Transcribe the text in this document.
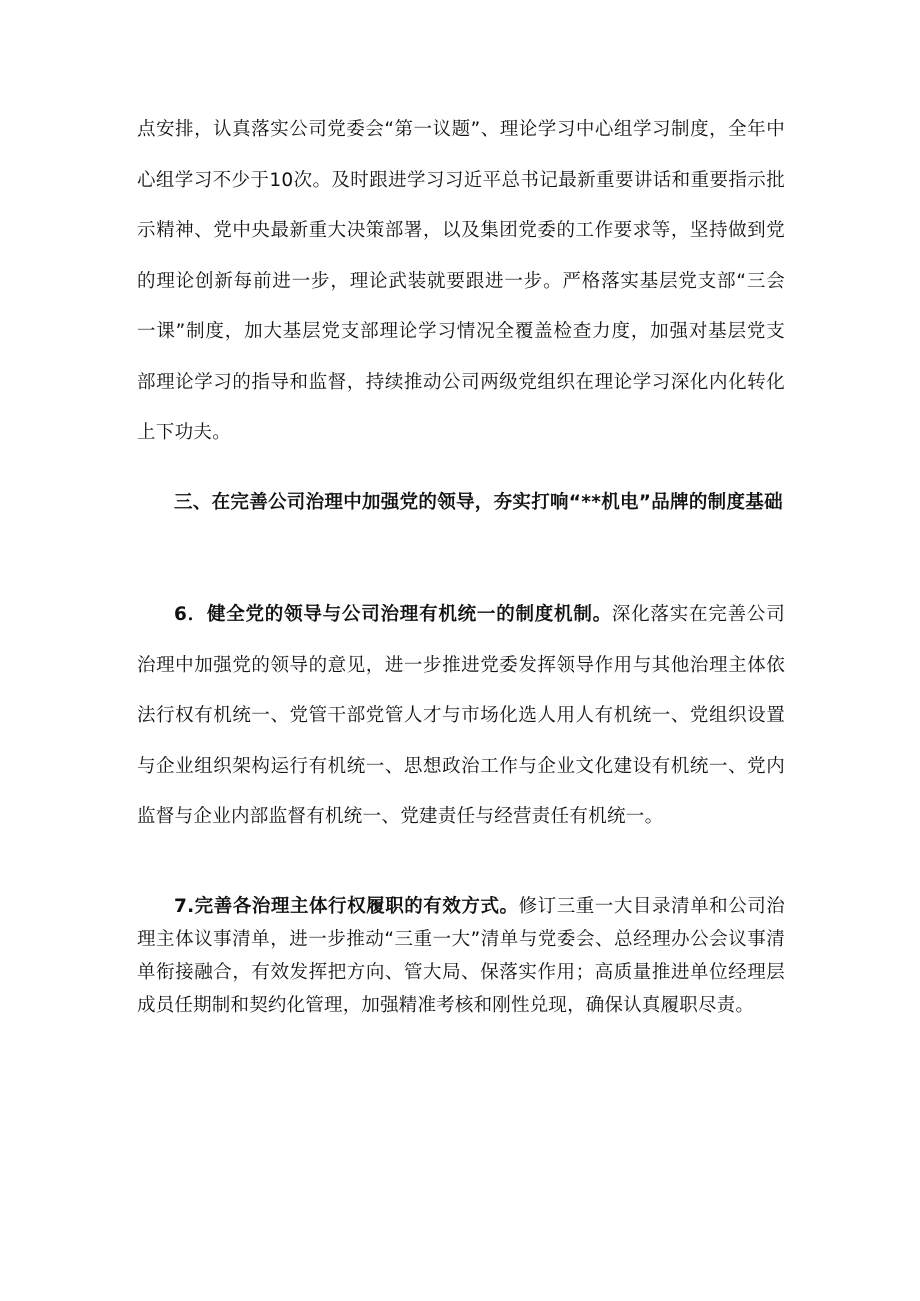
点安排，认真落实公司党委会“第一议题”、理论学习中心组学习制度，全年中心组学习不少于10次。及时跟进学习习近平总书记最新重要讲话和重要指示批示精神、党中央最新重大决策部署，以及集团党委的工作要求等，坚持做到党的理论创新每前进一步，理论武装就要跟进一步。严格落实基层党支部“三会一课”制度，加大基层党支部理论学习情况全覆盖检查力度，加强对基层党支部理论学习的指导和监督，持续推动公司两级党组织在理论学习深化内化转化上下功夫。

三、在完善公司治理中加强党的领导，夯实打响“**机电”品牌的制度基础

6．健全党的领导与公司治理有机统一的制度机制。深化落实在完善公司治理中加强党的领导的意见，进一步推进党委发挥领导作用与其他治理主体依法行权有机统一、党管干部党管人才与市场化选人用人有机统一、党组织设置与企业组织架构运行有机统一、思想政治工作与企业文化建设有机统一、党内监督与企业内部监督有机统一、党建责任与经营责任有机统一。

7.完善各治理主体行权履职的有效方式。修订三重一大目录清单和公司治理主体议事清单，进一步推动“三重一大”清单与党委会、总经理办公会议事清单衔接融合，有效发挥把方向、管大局、保落实作用；高质量推进单位经理层成员任期制和契约化管理，加强精准考核和刚性兑现，确保认真履职尽责。
